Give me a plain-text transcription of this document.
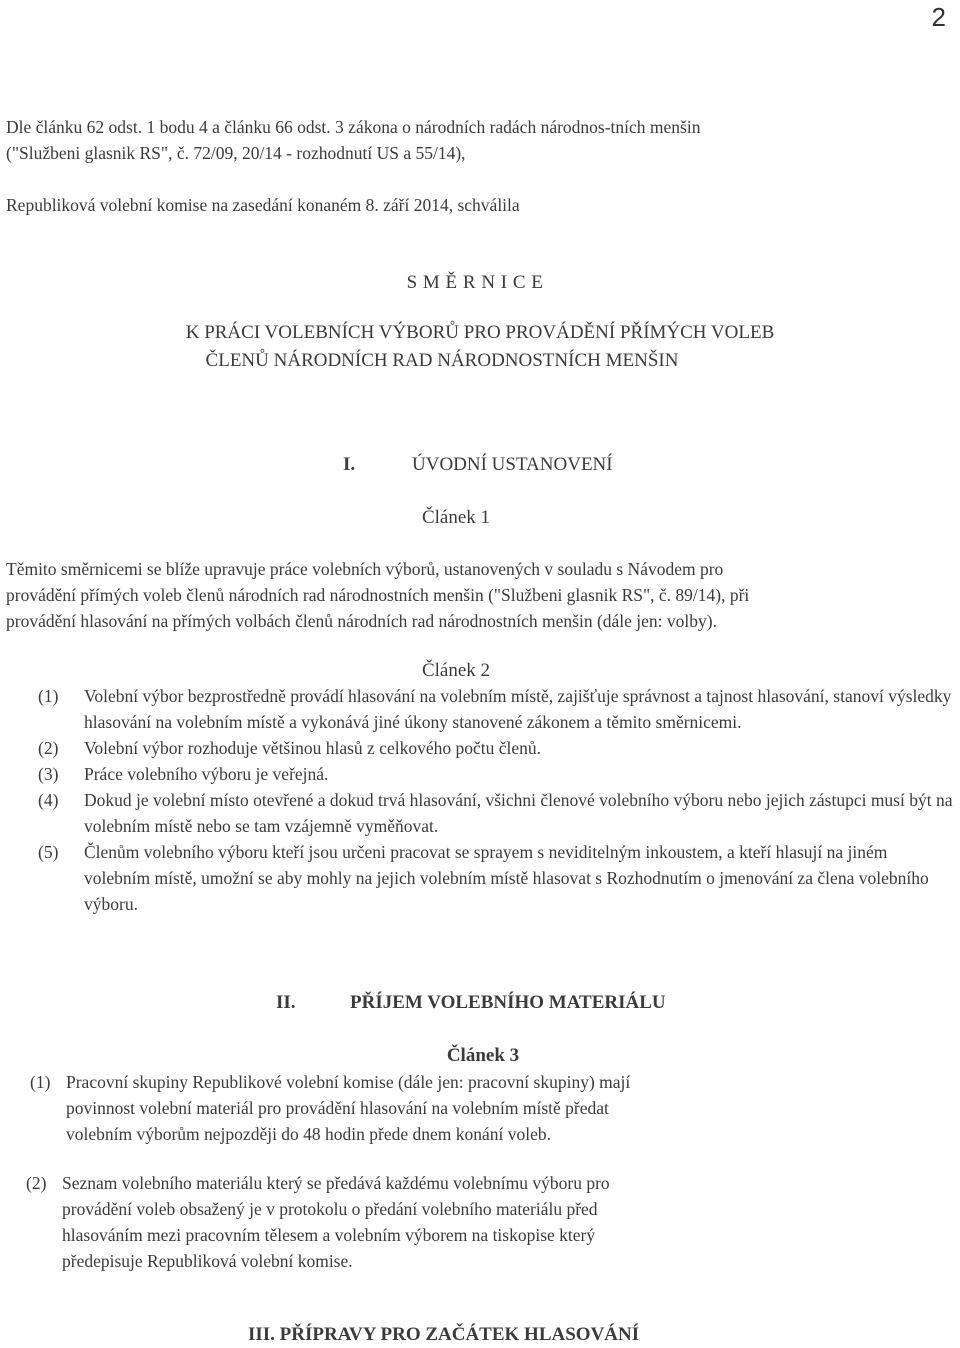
2
Dle článku 62 odst. 1 bodu 4 a článku 66 odst. 3 zákona o národních radách národnos-tních menšin
("Službeni glasnik RS", č. 72/09, 20/14 - rozhodnutí US a 55/14),
Republiková volební komise na zasedání konaném 8. září 2014, schválila
S M Ě R N I C E
K PRÁCI VOLEBNÍCH VÝBORŮ PRO PROVÁDĚNÍ PŘÍMÝCH VOLEB
ČLENŮ NÁRODNÍCH RAD NÁRODNOSTNÍCH MENŠIN
I.	ÚVODNÍ USTANOVENÍ
Článek 1
Těmito směrnicemi se blíže upravuje práce volebních výborů, ustanovených v souladu s Návodem pro
provádění přímých voleb členů národních rad národnostních menšin ("Službeni glasnik RS", č. 89/14), při
provádění hlasování na přímých volbách členů národních rad národnostních menšin (dále jen: volby).
Článek 2
(1) Volební výbor bezprostředně provádí hlasování na volebním místě, zajišťuje správnost a tajnost hlasování, stanoví výsledky hlasování na volebním místě a vykonává jiné úkony stanovené zákonem a těmito směrnicemi.
(2) Volební výbor rozhoduje většinou hlasů z celkového počtu členů.
(3) Práce volebního výboru je veřejná.
(4) Dokud je volební místo otevřené a dokud trvá hlasování, všichni členové volebního výboru nebo jejich zástupci musí být na volebním místě nebo se tam vzájemně vyměňovat.
(5) Členům volebního výboru kteří jsou určeni pracovat se sprayem s neviditelným inkoustem, a kteří hlasují na jiném volebním místě, umožní se aby mohly na jejich volebním místě hlasovat s Rozhodnutím o jmenování za člena volebního výboru.
II.	PŘÍJEM VOLEBNÍHO MATERIÁLU
Článek 3
(1) Pracovní skupiny Republikové volební komise (dále jen: pracovní skupiny) mají
povinnost volební materiál pro provádění hlasování na volebním místě předat
volebním výborům nejpozději do 48 hodin přede dnem konání voleb.
(2) Seznam volebního materiálu který se předává každému volebnímu výboru pro
provádění voleb obsažený je v protokolu o předání volebního materiálu před
hlasováním mezi pracovním tělesem a volebním výborem na tiskopise který
předepisuje Republiková volební komise.
III. PŘÍPRAVY PRO ZAČÁTEK HLASOVÁNÍ
